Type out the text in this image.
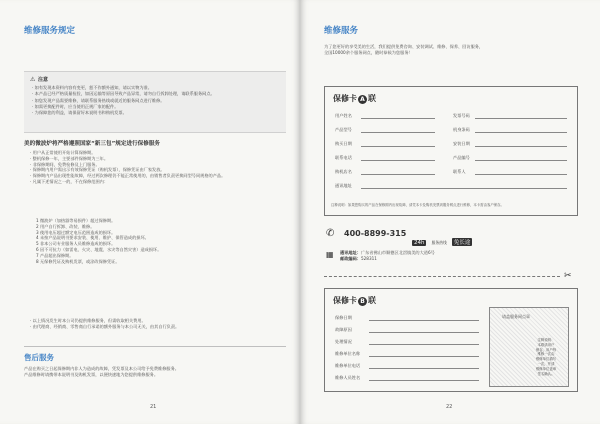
维修服务规定
⚠ 注意
· 如有发现本资料内容有变更，恕不作额外通知，请以实物为准。
· 本产品已经严格质量检验，如因运输等原因导致产品异常，请勿自行拆卸处理，请联系服务网点。
· 如您发现产品需要维修，请联系服务热线或就近的服务网点进行维修。
· 如需更换配件时，应当使用正规厂家的配件。
· 为保障您的利益，请保留好本说明书和购机发票。
美的微波炉将严格遵照国家“新三包”规定进行保修服务
· 用户从正常使用开始计算保修期。
· 整机保修一年，主要部件保修期为三年。
· 非保修期间，免费检修及上门服务。
· 保修期内用户需出示有效保修凭证（购机发票），保修凭证由厂家发放。
· 保修期内产品出现性能故障，经过两次修理仍不能正常使用的，由销售者负责更换同型号同规格的产品。
· 凡属下述情况之一的，不在保修范围内：
1 微波炉（加热器等易损件）超过保修期。
2 用户自行拆卸、改装、维修。
3 使用电压超过额定电压范围造成的损坏。
4 未按产品说明书要求安装、使用、维护、保管造成的损坏。
5 非本公司专业服务人员维修造成的损坏。
6 因不可抗力（如雷电、火灾、地震、水灾等自然灾害）造成损坏。
7 产品超出保修期。
8 无保修凭证及购机发票，或涂改保修凭证。
· 以上情况发生时本公司仍提供维修服务，但需收取相关费用。
· 由代理商、经销商、零售商自行承诺的额外服务与本公司无关，由其自行负责。
售后服务
产品在购买之日起保修期内非人为造成的故障，凭发票及本公司给予免费维修服务。
产品维修时请携带本说明书及购机发票，以便快速地为您提供维修服务。
21
维修服务
为了您更好的享受美的生活，我们提供免费咨询、安装调试、维修、保养、回访服务，
全国10000余个服务网点，随时恭候为您服务！
保修卡 A 联
用户姓名
产品型号
购买日期
联系电话
购机店名
通讯地址
发票号码
机身条码
安装日期
产品编号
联系人
注释说明：如果您购买的产品在保修期内出现故障，请凭本卡及购机发票到服务网点进行维修，本卡需由客户保存。
✆ 400-8899-315
24h 服务热线 免长途
▦ 通讯地址：广东省佛山市顺德区北滘镇美的大道6号
邮政编码：528311
✂
保修卡 B 联
保修日期
故障原因
处理情况
维修单位名称
维修单位电话
维修人员姓名
请盖服务网点章
注释说明：
本联请用户
保存，用户每
维修一次由
维修单位填写
一次，并请
维修单位盖章
签名确认。
22
